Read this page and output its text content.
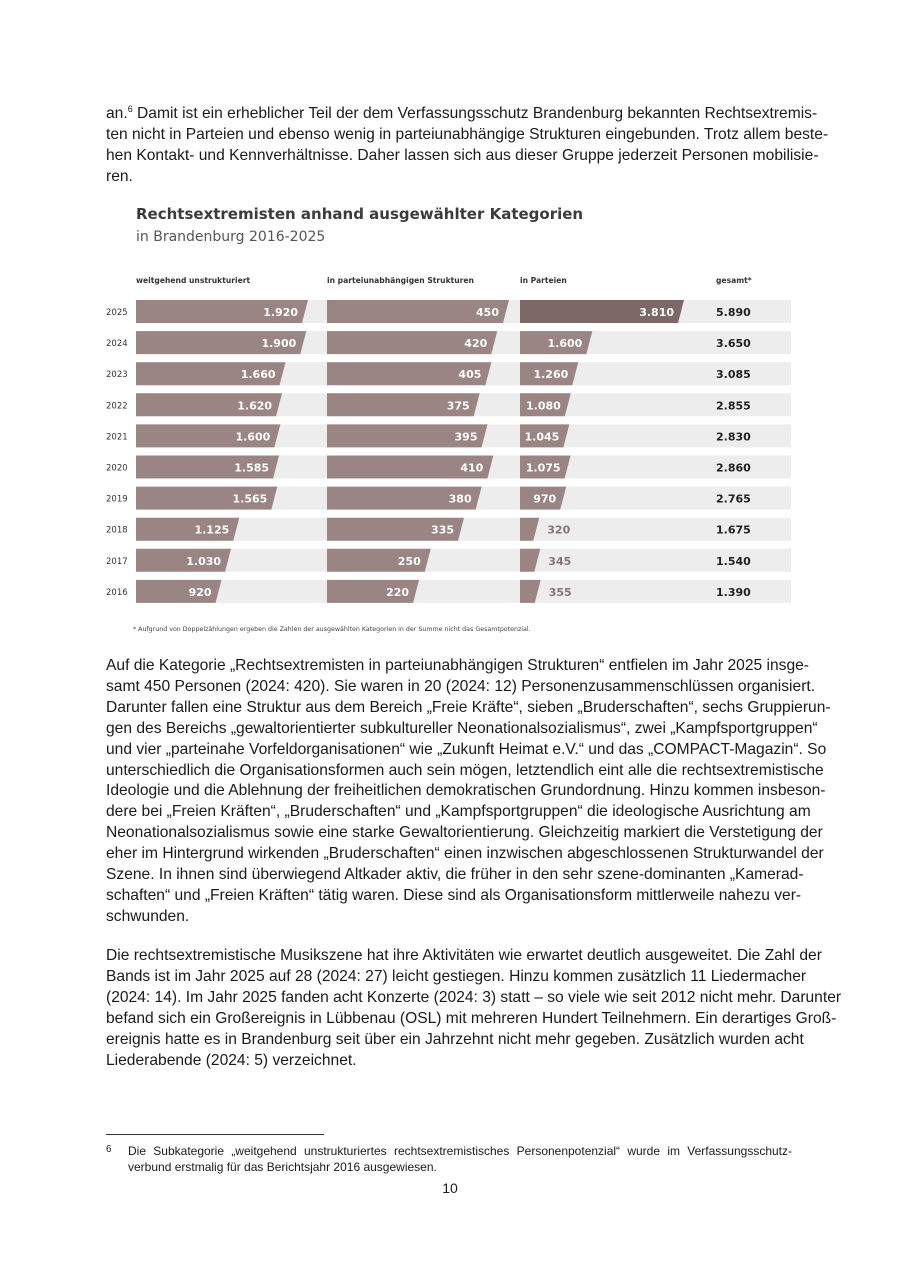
an.$^6$ Damit ist ein erheblicher Teil der dem Verfassungsschutz Brandenburg bekannten Rechtsextremis-
ten nicht in Parteien und ebenso wenig in parteiunabhängige Strukturen eingebunden. Trotz allem beste-
hen Kontakt- und Kennverhältnisse. Daher lassen sich aus dieser Gruppe jederzeit Personen mobilisie-
ren.
Rechtsextremisten anhand ausgewählter Kategorien
in Brandenburg 2016-2025
weitgehend unstrukturiert	in parteiunabhängigen Strukturen	in Parteien	gesamt*
2025	1.920	450	3.810	5.890
2024	1.900	420	1.600	3.650
2023	1.660	405	1.260	3.085
2022	1.620	375	1.080	2.855
2021	1.600	395	1.045	2.830
2020	1.585	410	1.075	2.860
2019	1.565	380	970	2.765
2018	1.125	335	320	1.675
2017	1.030	250	345	1.540
2016	920	220	355	1.390
* Aufgrund von Doppelzählungen ergeben die Zahlen der ausgewählten Kategorien in der Summe nicht das Gesamtpotenzial.
Auf die Kategorie „Rechtsextremisten in parteiunabhängigen Strukturen“ entfielen im Jahr 2025 insge-
samt 450 Personen (2024: 420). Sie waren in 20 (2024: 12) Personenzusammenschlüssen organisiert.
Darunter fallen eine Struktur aus dem Bereich „Freie Kräfte“, sieben „Bruderschaften“, sechs Gruppierun-
gen des Bereichs „gewaltorientierter subkultureller Neonationalsozialismus“, zwei „Kampfsportgruppen“
und vier „parteinahe Vorfeldorganisationen“ wie „Zukunft Heimat e.V.“ und das „COMPACT-Magazin“. So
unterschiedlich die Organisationsformen auch sein mögen, letztendlich eint alle die rechtsextremistische
Ideologie und die Ablehnung der freiheitlichen demokratischen Grundordnung. Hinzu kommen insbeson-
dere bei „Freien Kräften“, „Bruderschaften“ und „Kampfsportgruppen“ die ideologische Ausrichtung am
Neonationalsozialismus sowie eine starke Gewaltorientierung. Gleichzeitig markiert die Verstetigung der
eher im Hintergrund wirkenden „Bruderschaften“ einen inzwischen abgeschlossenen Strukturwandel der
Szene. In ihnen sind überwiegend Altkader aktiv, die früher in den sehr szene-dominanten „Kamerad-
schaften“ und „Freien Kräften“ tätig waren. Diese sind als Organisationsform mittlerweile nahezu ver-
schwunden.
Die rechtsextremistische Musikszene hat ihre Aktivitäten wie erwartet deutlich ausgeweitet. Die Zahl der
Bands ist im Jahr 2025 auf 28 (2024: 27) leicht gestiegen. Hinzu kommen zusätzlich 11 Liedermacher
(2024: 14). Im Jahr 2025 fanden acht Konzerte (2024: 3) statt – so viele wie seit 2012 nicht mehr. Darunter
befand sich ein Großereignis in Lübbenau (OSL) mit mehreren Hundert Teilnehmern. Ein derartiges Groß-
ereignis hatte es in Brandenburg seit über ein Jahrzehnt nicht mehr gegeben. Zusätzlich wurden acht
Liederabende (2024: 5) verzeichnet.
6 Die Subkategorie „weitgehend unstrukturiertes rechtsextremistisches Personenpotenzial“ wurde im Verfassungsschutz-
verbund erstmalig für das Berichtsjahr 2016 ausgewiesen.
10
